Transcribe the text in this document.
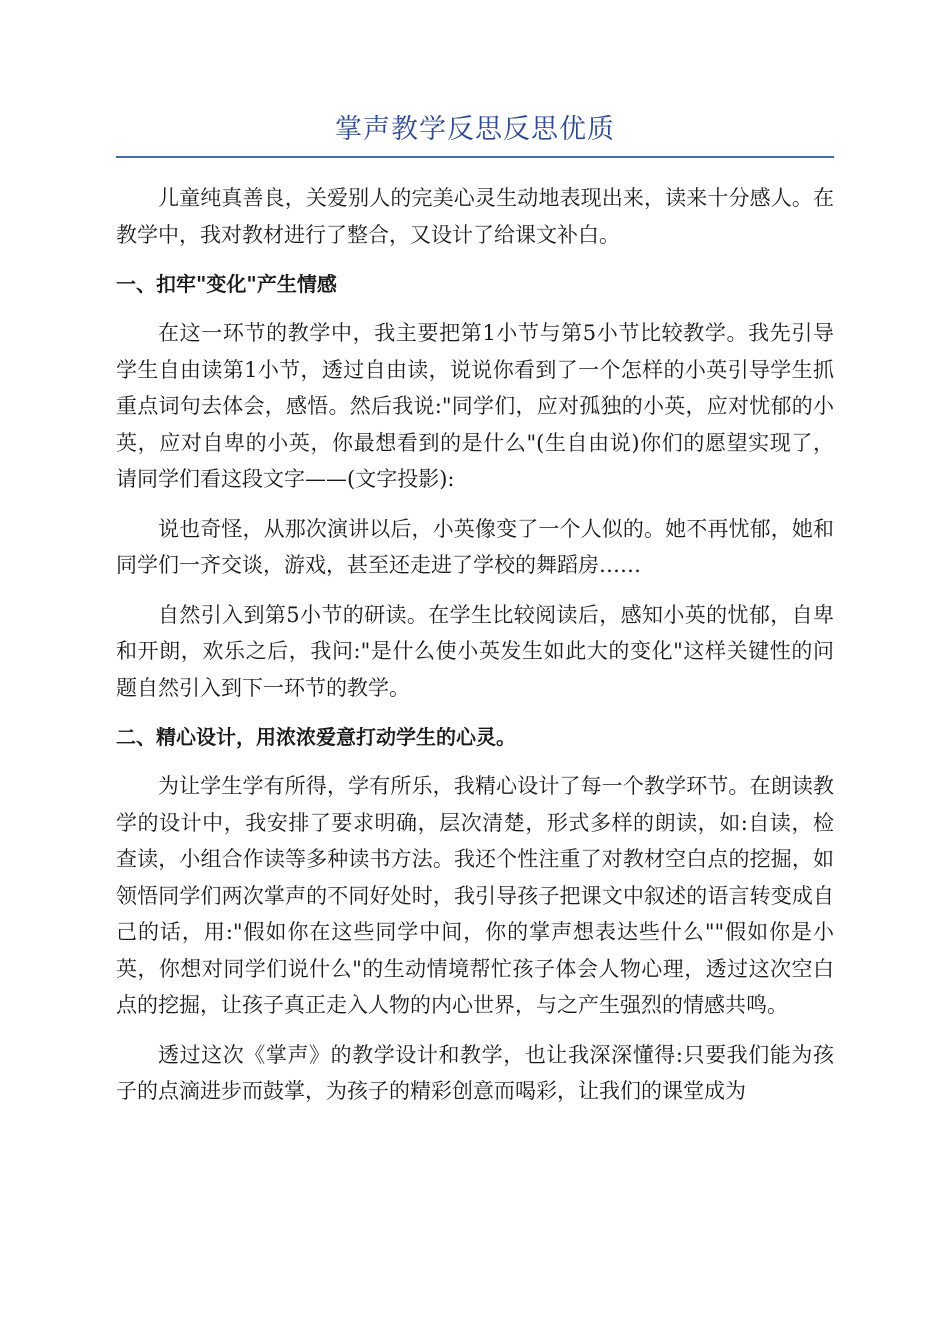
掌声教学反思反思优质

儿童纯真善良，关爱别人的完美心灵生动地表现出来，读来十分感人。在教学中，我对教材进行了整合，又设计了给课文补白。

一、扣牢"变化"产生情感

在这一环节的教学中，我主要把第1小节与第5小节比较教学。我先引导学生自由读第1小节，透过自由读，说说你看到了一个怎样的小英引导学生抓重点词句去体会，感悟。然后我说:"同学们，应对孤独的小英，应对忧郁的小英，应对自卑的小英，你最想看到的是什么"(生自由说)你们的愿望实现了，请同学们看这段文字——(文字投影):

说也奇怪，从那次演讲以后，小英像变了一个人似的。她不再忧郁，她和同学们一齐交谈，游戏，甚至还走进了学校的舞蹈房……

自然引入到第5小节的研读。在学生比较阅读后，感知小英的忧郁，自卑和开朗，欢乐之后，我问:"是什么使小英发生如此大的变化"这样关键性的问题自然引入到下一环节的教学。

二、精心设计，用浓浓爱意打动学生的心灵。

为让学生学有所得，学有所乐，我精心设计了每一个教学环节。在朗读教学的设计中，我安排了要求明确，层次清楚，形式多样的朗读，如:自读，检查读，小组合作读等多种读书方法。我还个性注重了对教材空白点的挖掘，如领悟同学们两次掌声的不同好处时，我引导孩子把课文中叙述的语言转变成自己的话，用:"假如你在这些同学中间，你的掌声想表达些什么""假如你是小英，你想对同学们说什么"的生动情境帮忙孩子体会人物心理，透过这次空白点的挖掘，让孩子真正走入人物的内心世界，与之产生强烈的情感共鸣。

透过这次《掌声》的教学设计和教学，也让我深深懂得:只要我们能为孩子的点滴进步而鼓掌，为孩子的精彩创意而喝彩，让我们的课堂成为
